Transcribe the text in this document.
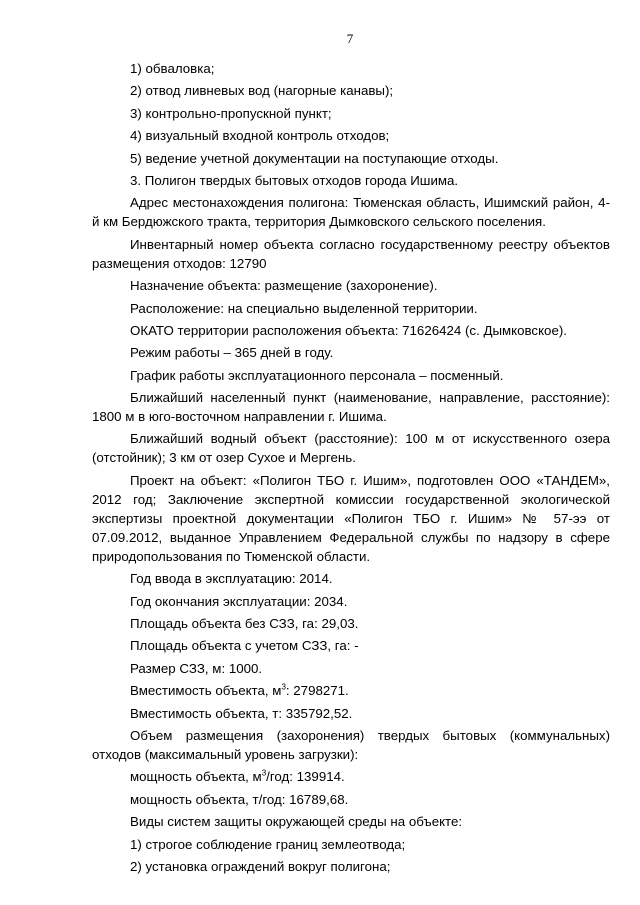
7

1) обваловка;

2) отвод ливневых вод (нагорные канавы);

3) контрольно-пропускной пункт;

4) визуальный входной контроль отходов;

5) ведение учетной документации на поступающие отходы.

3. Полигон твердых бытовых отходов города Ишима.

Адрес местонахождения полигона: Тюменская область, Ишимский район, 4-й км Бердюжского тракта, территория Дымковского сельского поселения.

Инвентарный номер объекта согласно государственному реестру объектов размещения отходов: 12790

Назначение объекта: размещение (захоронение).

Расположение: на специально выделенной территории.

ОКАТО территории расположения объекта: 71626424 (с. Дымковское).

Режим работы – 365 дней в году.

График работы эксплуатационного персонала – посменный.

Ближайший населенный пункт (наименование, направление, расстояние): 1800 м в юго-восточном направлении г. Ишима.

Ближайший водный объект (расстояние): 100 м от искусственного озера (отстойник); 3 км от озер Сухое и Мергень.

Проект на объект: «Полигон ТБО г. Ишим», подготовлен ООО «ТАНДЕМ», 2012 год; Заключение экспертной комиссии государственной экологической экспертизы проектной документации «Полигон ТБО г. Ишим» № 57-ээ от 07.09.2012, выданное Управлением Федеральной службы по надзору в сфере природопользования по Тюменской области.

Год ввода в эксплуатацию: 2014.

Год окончания эксплуатации: 2034.

Площадь объекта без СЗЗ, га: 29,03.

Площадь объекта с учетом СЗЗ, га: -

Размер СЗЗ, м: 1000.

Вместимость объекта, $м^3$: 2798271.

Вместимость объекта, т: 335792,52.

Объем размещения (захоронения) твердых бытовых (коммунальных) отходов (максимальный уровень загрузки):

мощность объекта, $м^3$/год: 139914.

мощность объекта, т/год: 16789,68.

Виды систем защиты окружающей среды на объекте:

1) строгое соблюдение границ землеотвода;

2) установка ограждений вокруг полигона;
